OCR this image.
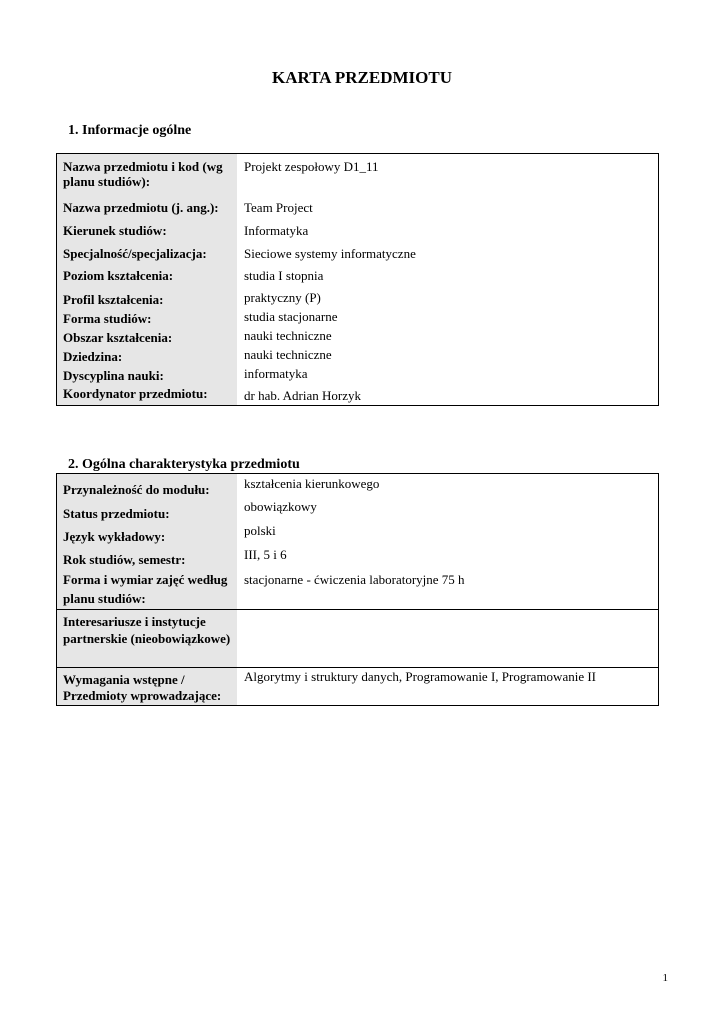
KARTA PRZEDMIOTU
1. Informacje ogólne
Nazwa przedmiotu i kod (wg planu studiów):
Nazwa przedmiotu (j. ang.):
Kierunek studiów:
Specjalność/specjalizacja:
Poziom kształcenia:
Profil kształcenia:
Forma studiów:
Obszar kształcenia:
Dziedzina:
Dyscyplina nauki:
Koordynator przedmiotu:
Projekt zespołowy D1_11
Team Project
Informatyka
Sieciowe systemy informatyczne
studia I stopnia
praktyczny (P)
studia stacjonarne
nauki techniczne
nauki techniczne
informatyka
dr hab. Adrian Horzyk
2. Ogólna charakterystyka przedmiotu
Przynależność do modułu:
Status przedmiotu:
Język wykładowy:
Rok studiów, semestr:
Forma i wymiar zajęć według planu studiów:
kształcenia kierunkowego
obowiązkowy
polski
III, 5 i 6
stacjonarne - ćwiczenia laboratoryjne 75 h
Interesariusze i instytucje partnerskie (nieobowiązkowe)
Wymagania wstępne / Przedmioty wprowadzające:
Algorytmy i struktury danych, Programowanie I, Programowanie II
1
